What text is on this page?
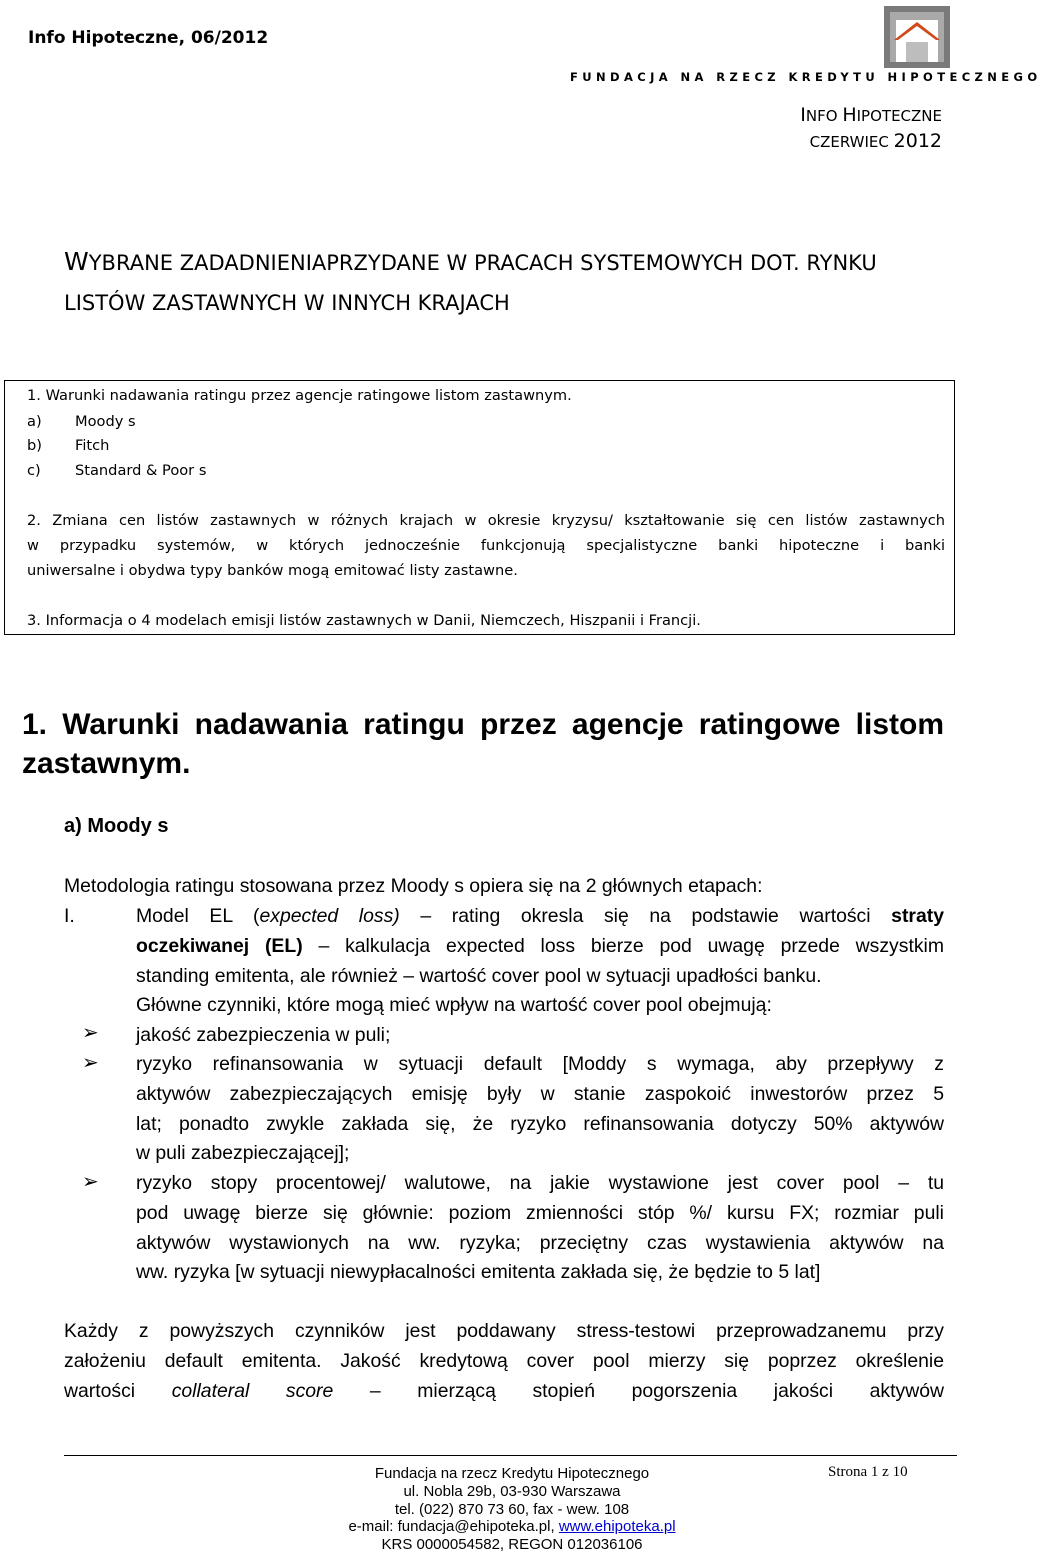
Info Hipoteczne, 06/2012
FUNDACJA NA RZECZ KREDYTU HIPOTECZNEGO
INFO HIPOTECZNE
CZERWIEC 2012
WYBRANE ZADADNIENIAPRZYDANE W PRACACH SYSTEMOWYCH DOT. RYNKU
LISTÓW ZASTAWNYCH W INNYCH KRAJACH
1. Warunki nadawania ratingu przez agencje ratingowe listom zastawnym.
a) Moody s
b) Fitch
c) Standard & Poor s
2. Zmiana cen listów zastawnych w różnych krajach w okresie kryzysu/ kształtowanie się cen listów zastawnych
w przypadku systemów, w których jednocześnie funkcjonują specjalistyczne banki hipoteczne i banki
uniwersalne i obydwa typy banków mogą emitować listy zastawne.
3. Informacja o 4 modelach emisji listów zastawnych w Danii, Niemczech, Hiszpanii i Francji.
1. Warunki nadawania ratingu przez agencje ratingowe listom
zastawnym.
a) Moody s
Metodologia ratingu stosowana przez Moody s opiera się na 2 głównych etapach:
I.	Model EL (expected loss) – rating okresla się na podstawie wartości straty
oczekiwanej (EL) – kalkulacja expected loss bierze pod uwagę przede wszystkim
standing emitenta, ale również – wartość cover pool w sytuacji upadłości banku.
Główne czynniki, które mogą mieć wpływ na wartość cover pool obejmują:
➢ jakość zabezpieczenia w puli;
➢ ryzyko refinansowania w sytuacji default [Moddy s wymaga, aby przepływy z
aktywów zabezpieczających emisję były w stanie zaspokoić inwestorów przez 5
lat; ponadto zwykle zakłada się, że ryzyko refinansowania dotyczy 50% aktywów
w puli zabezpieczającej];
➢ ryzyko stopy procentowej/ walutowe, na jakie wystawione jest cover pool – tu
pod uwagę bierze się głównie: poziom zmienności stóp %/ kursu FX; rozmiar puli
aktywów wystawionych na ww. ryzyka; przeciętny czas wystawienia aktywów na
ww. ryzyka [w sytuacji niewypłacalności emitenta zakłada się, że będzie to 5 lat]
Każdy z powyższych czynników jest poddawany stress-testowi przeprowadzanemu przy
założeniu default emitenta. Jakość kredytową cover pool mierzy się poprzez określenie
wartości collateral score – mierzącą stopień pogorszenia jakości aktywów
Fundacja na rzecz Kredytu Hipotecznego
ul. Nobla 29b, 03-930 Warszawa
tel. (022) 870 73 60, fax - wew. 108
e-mail: fundacja@ehipoteka.pl, www.ehipoteka.pl
KRS 0000054582, REGON 012036106
Strona 1 z 10
